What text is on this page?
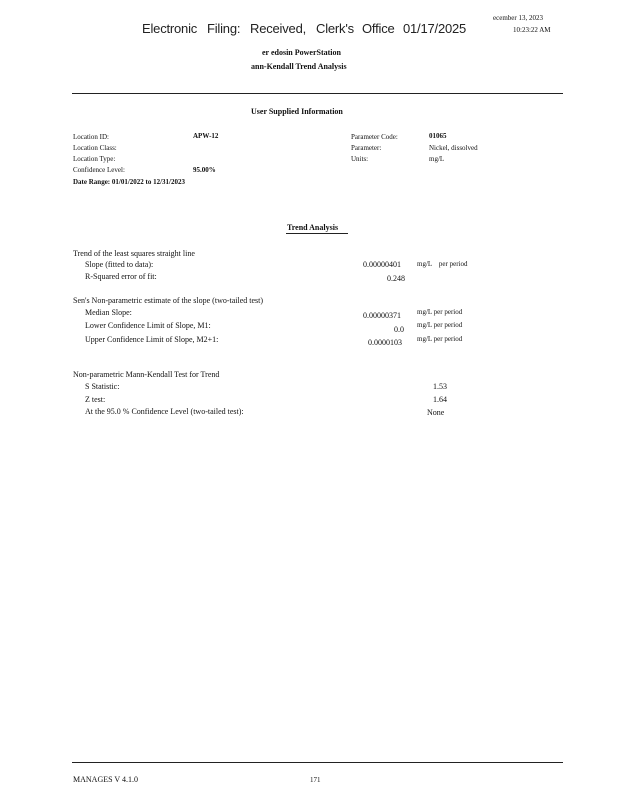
Electronic Filing: Received, Clerk's Office 01/17/2025
ecember 13, 2023
10:23:22 AM
er edosin PowerStation
ann-Kendall Trend Analysis
User Supplied Information
Location ID:	APW-12
Location Class:
Location Type:
Confidence Level:	95.00%
Date Range: 01/01/2022 to 12/31/2023
Parameter Code:	01065
Parameter:	Nickel, dissolved
Units:	mg/L
Trend Analysis
Trend of the least squares straight line
Slope (fitted to data):	0.00000401 mg/L    per period
R-Squared error of fit:	0.248
Sen's Non-parametric estimate of the slope (two-tailed test)
Median Slope:	0.00000371 mg/L per period
Lower Confidence Limit of Slope, M1:	0.0 mg/L per period
Upper Confidence Limit of Slope, M2+1:	0.0000103 mg/L per period
Non-parametric Mann-Kendall Test for Trend
S Statistic:	1.53
Z test:	1.64
At the 95.0 % Confidence Level (two-tailed test):	None
MANAGES V 4.1.0	171
